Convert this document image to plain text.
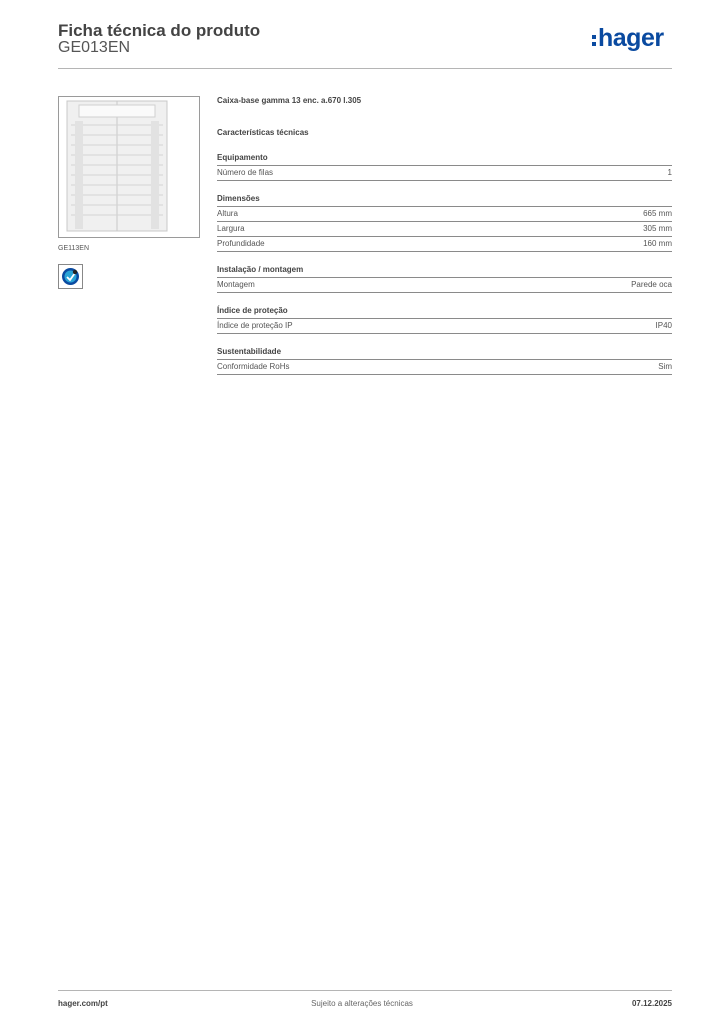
Ficha técnica do produto
GE013EN	hager
GE113EN
Caixa-base gamma 13 enc. a.670 l.305
Características técnicas
Equipamento
Número de filas	1
Dimensões
Altura	665 mm
Largura	305 mm
Profundidade	160 mm
Instalação / montagem
Montagem	Parede oca
Índice de proteção
Índice de proteção IP	IP40
Sustentabilidade
Conformidade RoHs	Sim
hager.com/pt	Sujeito a alterações técnicas	07.12.2025
